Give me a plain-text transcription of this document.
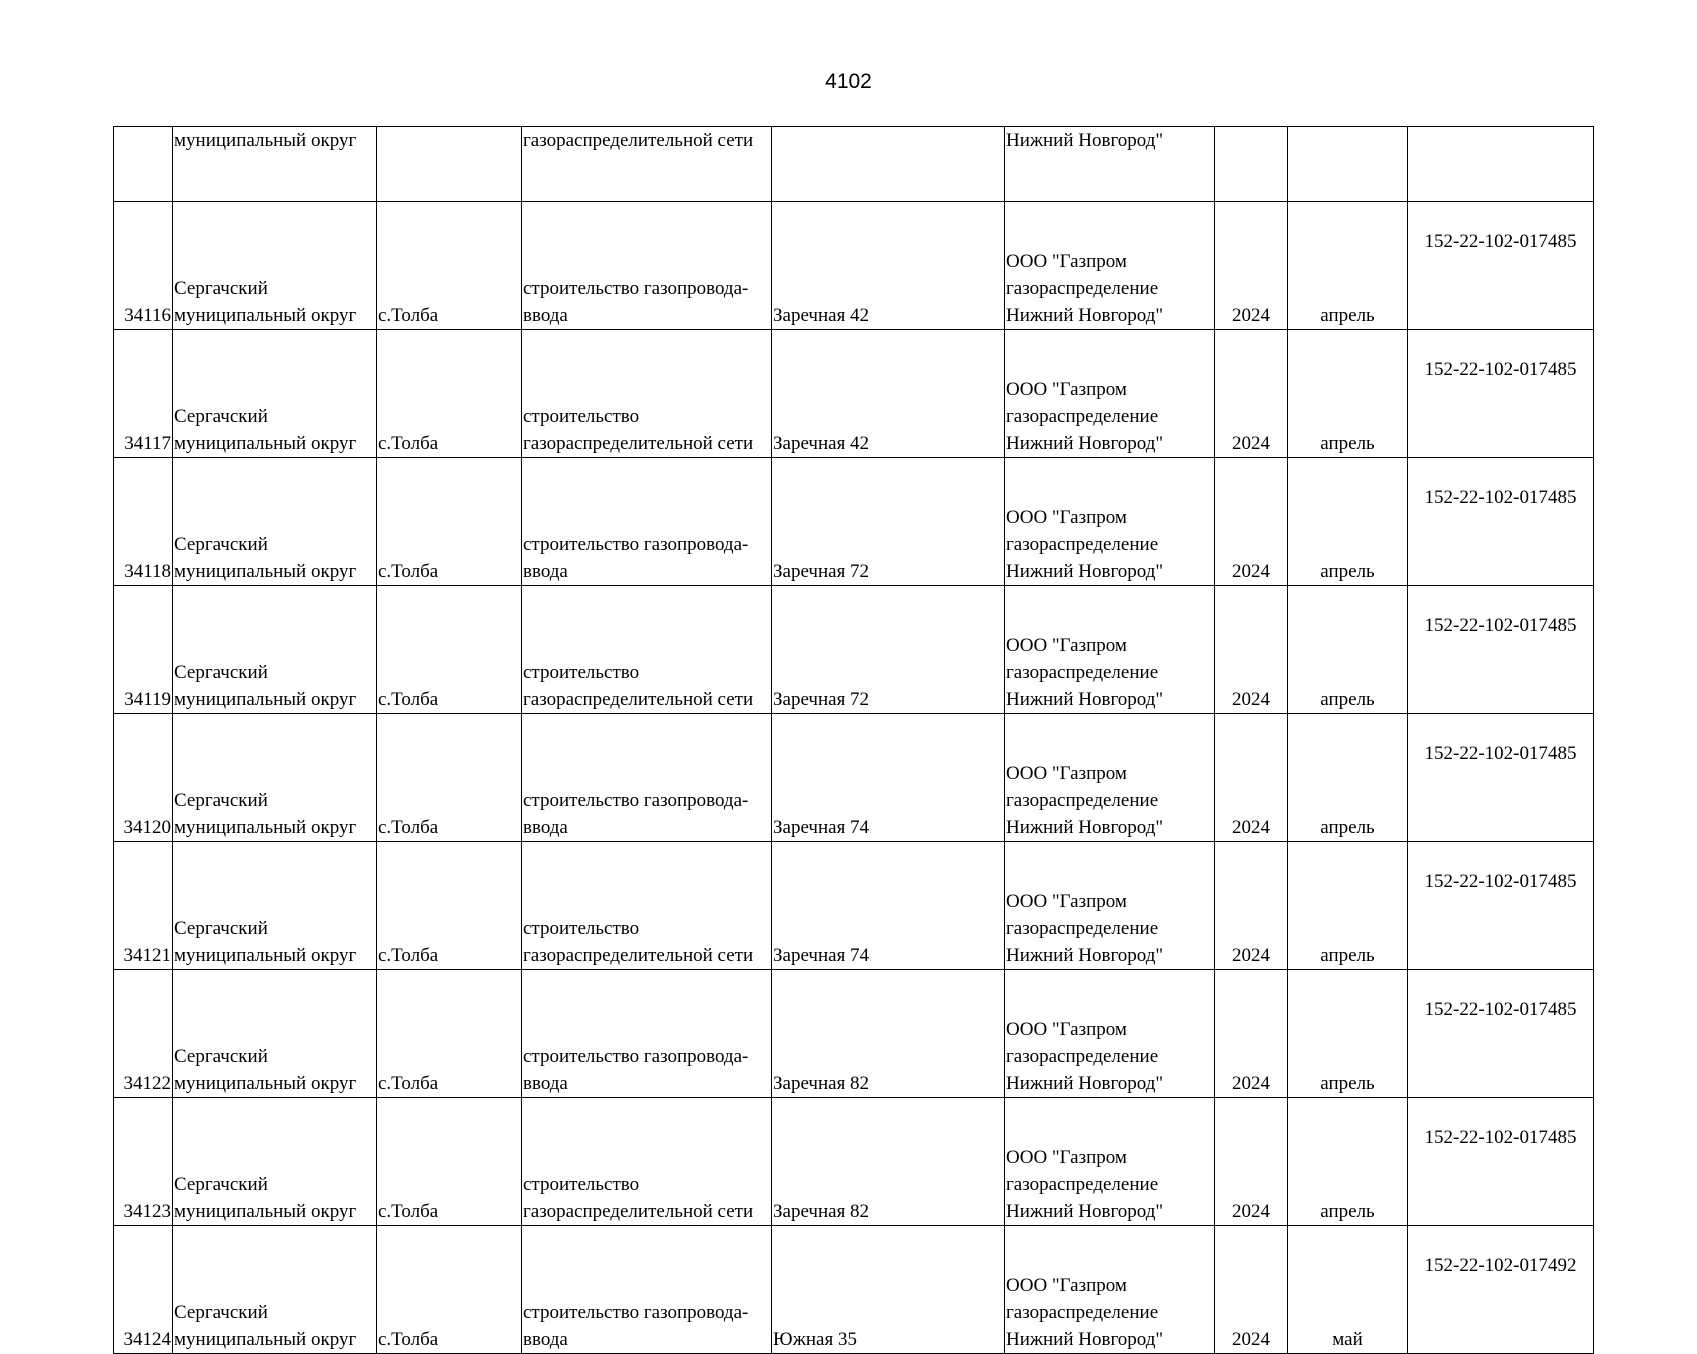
4102
	муниципальный округ		газораспределительной сети		Нижний Новгород"			

34116	Сергачский
муниципальный округ	с.Толба	строительство газопровода-
ввода	Заречная 42	ООО "Газпром
газораспределение
Нижний Новгород"	2024	апрель	152-22-102-017485

34117	Сергачский
муниципальный округ	с.Толба	строительство
газораспределительной сети	Заречная 42	ООО "Газпром
газораспределение
Нижний Новгород"	2024	апрель	152-22-102-017485

34118	Сергачский
муниципальный округ	с.Толба	строительство газопровода-
ввода	Заречная 72	ООО "Газпром
газораспределение
Нижний Новгород"	2024	апрель	152-22-102-017485

34119	Сергачский
муниципальный округ	с.Толба	строительство
газораспределительной сети	Заречная 72	ООО "Газпром
газораспределение
Нижний Новгород"	2024	апрель	152-22-102-017485

34120	Сергачский
муниципальный округ	с.Толба	строительство газопровода-
ввода	Заречная 74	ООО "Газпром
газораспределение
Нижний Новгород"	2024	апрель	152-22-102-017485

34121	Сергачский
муниципальный округ	с.Толба	строительство
газораспределительной сети	Заречная 74	ООО "Газпром
газораспределение
Нижний Новгород"	2024	апрель	152-22-102-017485

34122	Сергачский
муниципальный округ	с.Толба	строительство газопровода-
ввода	Заречная 82	ООО "Газпром
газораспределение
Нижний Новгород"	2024	апрель	152-22-102-017485

34123	Сергачский
муниципальный округ	с.Толба	строительство
газораспределительной сети	Заречная 82	ООО "Газпром
газораспределение
Нижний Новгород"	2024	апрель	152-22-102-017485

34124	Сергачский
муниципальный округ	с.Толба	строительство газопровода-
ввода	Южная 35	ООО "Газпром
газораспределение
Нижний Новгород"	2024	май	152-22-102-017492
